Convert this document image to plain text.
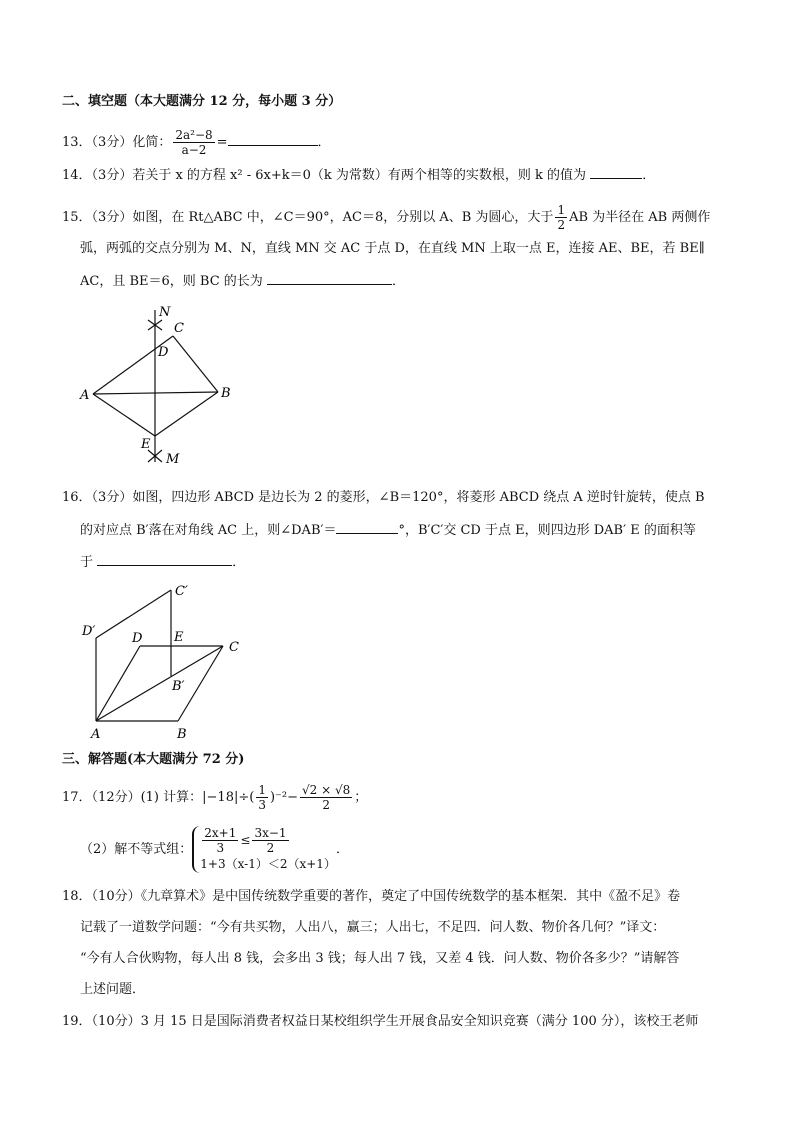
二、填空题（本大题满分 12 分，每小题 3 分）
13．（3分）化简： $\frac{\text{2a²−8}}{a-2}$ =	．
14．（3分）若关于 x 的方程 x² - 6x+k＝0（k 为常数）有两个相等的实数根，则 k 的值为	．
15．（3分）如图，在 Rt△ABC 中，∠C＝90°，AC＝8，分别以 A、B 为圆心，大于 $\frac{1}{2}$ AB 为半径在 AB 两侧作
弧，两弧的交点分别为 M、N，直线 MN 交 AC 于点 D，在直线 MN 上取一点 E，连接 AE、BE，若 BE∥
AC，且 BE＝6，则 BC 的长为	．
N
C
D
A	B
E
M
16．（3分）如图，四边形 ABCD 是边长为 2 的菱形，∠B＝120°，将菱形 ABCD 绕点 A 逆时针旋转，使点 B
的对应点 B′落在对角线 AC 上，则∠DAB′＝	°，B′C′交 CD 于点 E，则四边形 DAB′ E 的面积等
于	．
C′
D′	D E
C
B′
A	B
三、解答题(本大题满分 72 分)
17．（12分）(1) 计算：$|-18|\div( \frac{1}{3} )^{-2}- \frac{√2 \times √8}{2}$ ；
（2）解不等式组： $\frac{2x+1}{3} \le \frac{3x-1}{2}$
1+3（x-1）＜2（x+1）
．
18．（10分）《九章算术》是中国传统数学重要的著作，奠定了中国传统数学的基本框架．其中《盈不足》卷
记载了一道数学问题：“今有共买物，人出八，赢三；人出七，不足四．问人数、物价各几何？”译文：
“今有人合伙购物，每人出 8 钱，会多出 3 钱；每人出 7 钱，又差 4 钱．问人数、物价各多少？”请解答
上述问题．
19．（10分）3 月 15 日是国际消费者权益日某校组织学生开展食品安全知识竞赛（满分 100 分），该校王老师
